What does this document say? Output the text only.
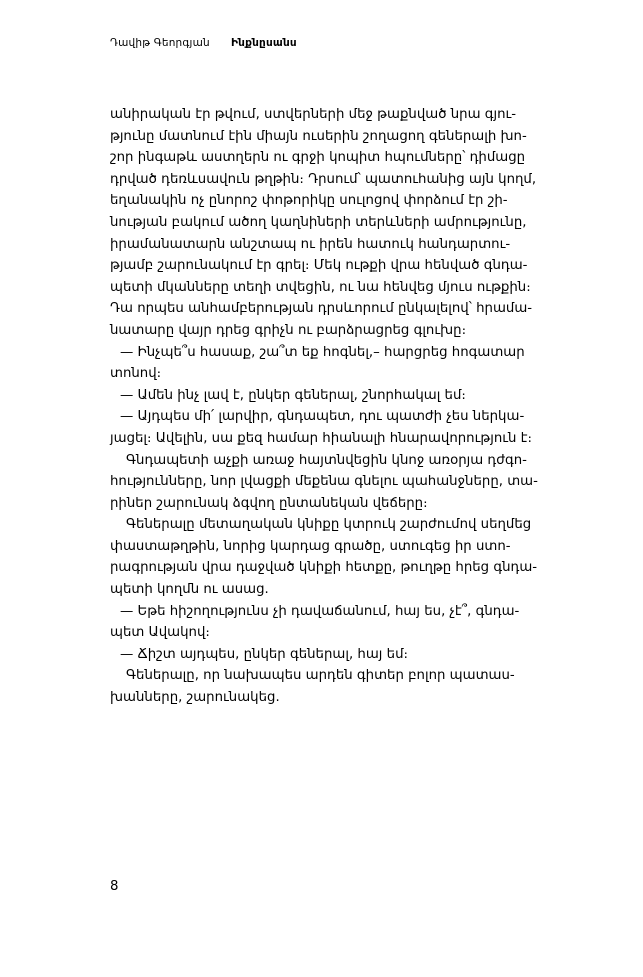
Դավիթ Գեորգյան Ինքնըսանս
անիրական էր թվում, ստվերների մեջ թաքնված նրա գյու-
թյունը մատնում էին միայն ուսերին շողացող գեներալի խո-
շոր ինգաթև աստղերն ու գրջի կոպիտ հպումները՝ դիմացը
դրված դեռևսավուն թղթին։ Դրսում՝ պատուհանից այն կողմ,
եղանակին ոչ ընորոշ փոթորիկը սուլոցով փորձում էր շի-
նության բակում ածող կաղնիների տերևների ամրությունը,
իրամանատարն անշտապ ու իրեն հատուկ հանդարտու-
թյամբ շարունակում էր գրել։ Մեկ ութքի վրա հենված գնդա-
պետի մկանները տեղի տվեցին, ու նա հենվեց մյուս ութքին։
Դա որպես անհամբերության դրսևորում ընկալելով՝ հրամա-
նատարը վայր դրեց գրիչն ու բարձրացրեց գլուխը։
— Ինչպե՞ս հասաք, շա՞տ եք հոգնել,– հարցրեց հոգատար
տոնով։
— Ամեն ինչ լավ է, ընկեր գեներալ, շնորհակալ եմ։
— Այդպես մի՛ լարվիր, գնդապետ, դու պատժի չես ներկա-
յացել։ Ավելին, սա քեզ համար հիանալի հնարավորություն է։
Գնդապետի աչքի առաջ հայտնվեցին կնոջ առօրյա դժգո-
հությունները, նոր լվացքի մեքենա գնելու պահանջները, տա-
րիներ շարունակ ձգվող ընտանեկան վեճերը։
Գեներալը մետաղական կնիքը կտրուկ շարժումով սեղմեց
փաստաթղթին, նորից կարդաց գրածը, ստուգեց իր ստո-
րագրության վրա դաջված կնիքի հետքը, թուղթը հրեց գնդա-
պետի կողմն ու ասաց.
— Եթե հիշողությունս չի դավաճանում, հայ ես, չէ՞, գնդա-
պետ Ավակով։
— Ճիշտ այդպես, ընկեր գեներալ, հայ եմ։
Գեներալը, որ նախապես արդեն գիտեր բոլոր պատաս-
խանները, շարունակեց.
8
